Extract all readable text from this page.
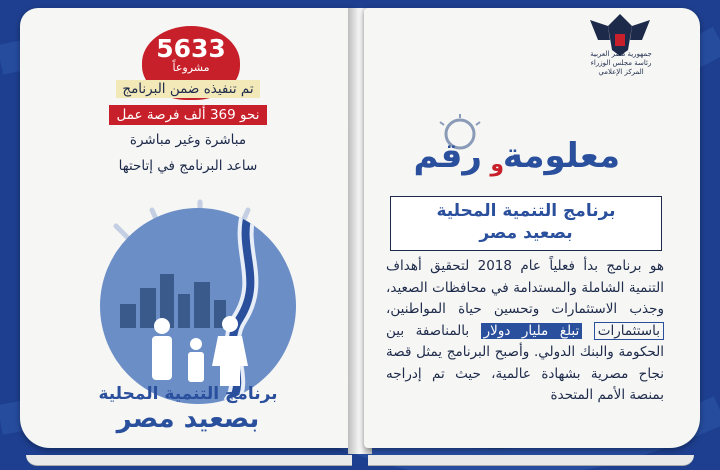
5633
مشروعاً
تم تنفيذه ضمن البرنامج
نحو 369 ألف فرصة عمل
مباشرة وغير مباشرة
ساعد البرنامج في إتاحتها
برنامج التنمية المحلية
بصعيد مصر
جمهورية مصر العربية
رئاسة مجلس الوزراء
المركز الإعلامي
معلومة
و
رقم
برنامج التنمية المحلية
بصعيد مصر
هو برنامج بدأ فعلياً عام 2018 لتحقيق أهداف التنمية الشاملة والمستدامة في محافظات الصعيد، وجذب الاستثمارات وتحسين حياة المواطنين، باستثمارات تبلغ مليار دولار بالمناصفة بين الحكومة والبنك الدولي. وأصبح البرنامج يمثل قصة نجاح مصرية بشهادة عالمية، حيث تم إدراجه بمنصة الأمم المتحدة
